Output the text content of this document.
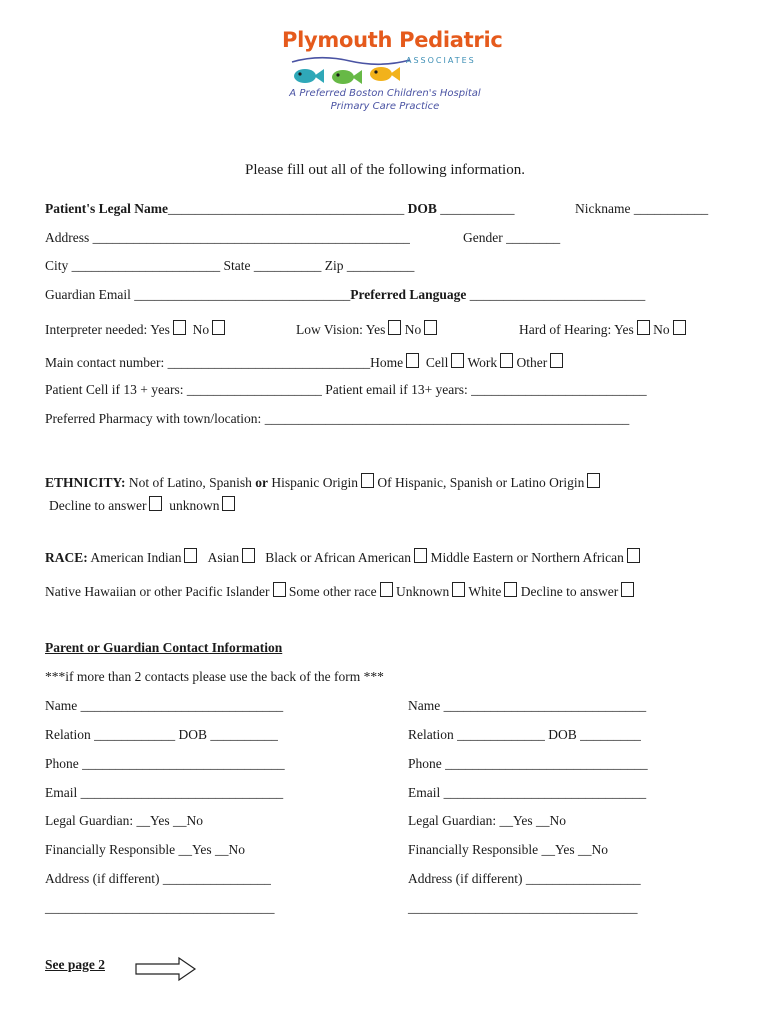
Plymouth Pediatric
ASSOCIATES
A Preferred Boston Children's Hospital
Primary Care Practice
Please fill out all of the following information.
Patient's Legal Name___________________________________ DOB ___________	Nickname ___________
Address _______________________________________________	Gender ________
City ______________________ State __________ Zip __________
Guardian Email ________________________________Preferred Language __________________________
Interpreter needed: Yes No	Low Vision: Yes No	Hard of Hearing: Yes No
Main contact number: ______________________________Home Cell Work Other
Patient Cell if 13 + years: ____________________ Patient email if 13+ years: __________________________
Preferred Pharmacy with town/location: ______________________________________________________
ETHNICITY: Not of Latino, Spanish or Hispanic Origin Of Hispanic, Spanish or Latino Origin
Decline to answer unknown
RACE: American Indian Asian Black or African American Middle Eastern or Northern African
Native Hawaiian or other Pacific Islander Some other race Unknown White Decline to answer
Parent or Guardian Contact Information
***if more than 2 contacts please use the back of the form ***
Name ______________________________
Relation ____________ DOB __________
Phone ______________________________
Email ______________________________
Legal Guardian: __Yes __No
Financially Responsible __Yes __No
Address (if different) ________________
__________________________________
Name ______________________________
Relation _____________ DOB _________
Phone ______________________________
Email ______________________________
Legal Guardian: __Yes __No
Financially Responsible __Yes __No
Address (if different) _________________
__________________________________
See page 2
